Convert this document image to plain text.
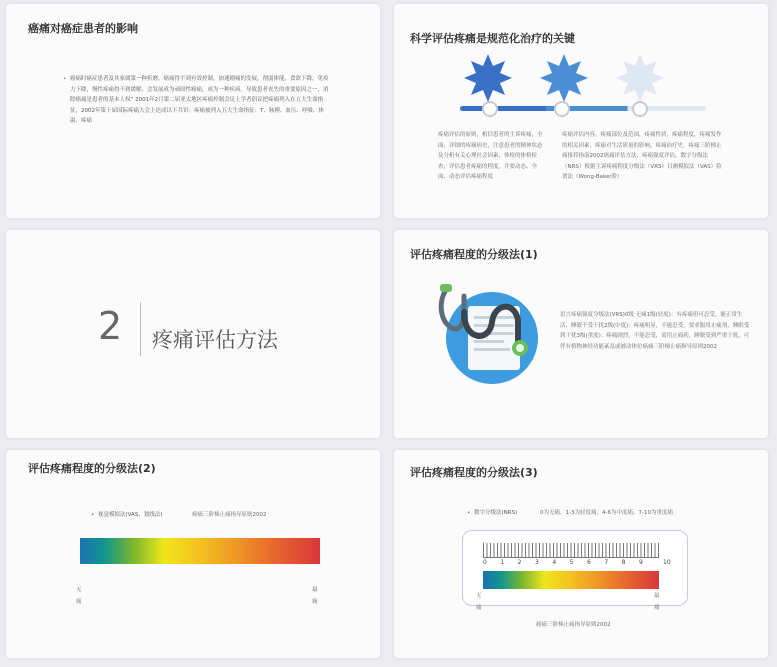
癌痛对癌症患者的影响
• 癌痛时癌症患者及其家属第一种折磨，癌痛得不到有效控制，加速剧痛的发展，削弱体能，食欲下降，免疫力下降，慢性疼痛得不到缓解，会发展成为顽固性癌痛，成为一种疾病。导致患者丧失的重要原因之一，消除癌痛是患者的基本人权” 2001年2月第二届亚太地区疼痛控制会议上学者倡议把疼痛列入在五大生命指征，2002年第十届国际疼痛大会上达成以下共识：疼痛被列入五大生命指征：T、脉搏、血压、呼吸、体温、疼痛
科学评估疼痛是规范化治疗的关键
疼痛评估的原则，相信患者的主诉疼痛，全面，详细的疼痛病史，注意患者的精神状态及分析有关心理社会因素，体检的体格检查，评估患者疼痛的程度，并要动态、全面、动态评估疼痛程度
疼痛评估内容，疼痛部位及范围，疼痛性质，疼痛程度，疼痛发作的相关因素，疼痛对生活质量的影响，疼痛治疗史。疼痛三阶梯止痛推荐指南2002癌痛评估方法，疼痛强度评估，数字分级法（NRS）根据主诉疼痛程度分级法（VRS）目测模拟法（VAS）脸谱法（Wong-Baker脸）
2 疼痛评估方法
评估疼痛程度的分级法(1)
语言疼痛强度分级法(VRS)0级 无痛1级(轻度)：有疼痛但可忍受，能正常生活，睡眠不受干扰2级(中度)：疼痛明显，不能忍受，要求服用止痛剂，睡眠受到干扰3级(重度)：疼痛剧烈，不能忍受，需用止痛药，睡眠受到严重干扰，可伴有植物神经功能紊乱或被动体位癌痛三阶梯止痛指导原则2002
评估疼痛程度的分级法(2)
• 视觉模拟法(VAS、划线法)	癌痛三阶梯止痛指导原则2002
无
痛
最
痛
评估疼痛程度的分级法(3)
• 数字分级法(NRS)	0为无痛，1-3为轻度痛，4-6为中度痛，7-10为重度痛
0 1 2 3 4 5 6 7 8 9	10
无
痛
最
痛
癌痛三阶梯止痛指导原则2002
